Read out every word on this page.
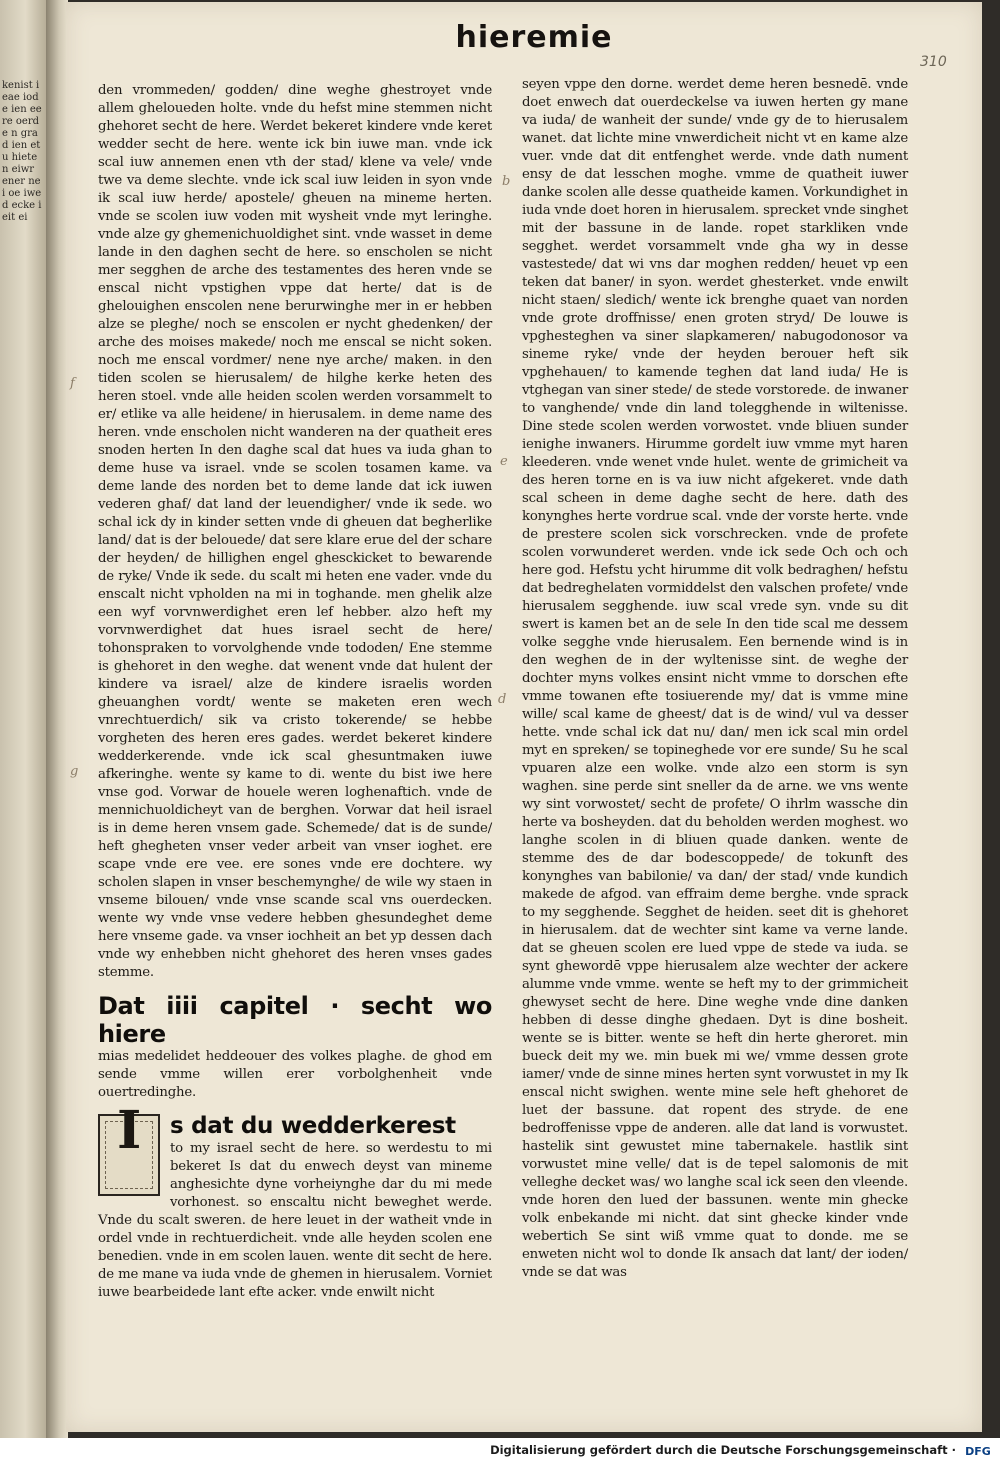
kenist ieae iode ien eere oerde n grad ien etu hieten eiwr ener nei oe iwe d ecke ieit ei
hieremie
310
b
f
e
d
g

den vrommeden/ godden/ dine weghe ghestroyet vnde allem gheloueden holte. vnde du hefst mine stemmen nicht ghehoret secht de here. Werdet bekeret kindere vnde keret wedder secht de here. wente ick bin iuwe man. vnde ick scal iuw annemen enen vth der stad/ klene va vele/ vnde twe va deme slechte. vnde ick scal iuw leiden in syon vnde ik scal iuw herde/ apostele/ gheuen na mineme herten. vnde se scolen iuw voden mit wysheit vnde myt leringhe. vnde alze gy ghemenichuoldighet sint. vnde wasset in deme lande in den daghen secht de here. so enscholen se nicht mer segghen de arche des testamentes des heren vnde se enscal nicht vpstighen vppe dat herte/ dat is de ghelouighen enscolen nene berurwinghe mer in er hebben alze se pleghe/ noch se enscolen er nycht ghedenken/ der arche des moises makede/ noch me enscal se nicht soken. noch me enscal vordmer/ nene nye arche/ maken. in den tiden scolen se hierusalem/ de hilghe kerke heten des heren stoel. vnde alle heiden scolen werden vorsammelt to er/ etlike va alle heidene/ in hierusalem. in deme name des heren. vnde enscholen nicht wanderen na der quatheit eres snoden herten In den daghe scal dat hues va iuda ghan to deme huse va israel. vnde se scolen tosamen kame. va deme lande des norden bet to deme lande dat ick iuwen vederen ghaf/ dat land der leuendigher/ vnde ik sede. wo schal ick dy in kinder setten vnde di gheuen dat begherlike land/ dat is der belouede/ dat sere klare erue del der schare der heyden/ de hillighen engel ghesckicket to bewarende de ryke/ Vnde ik sede. du scalt mi heten ene vader. vnde du enscalt nicht vpholden na mi in toghande. men ghelik alze een wyf vorvnwerdighet eren lef hebber. alzo heft my vorvnwerdighet dat hues israel secht de here/ tohonspraken to vorvolghende vnde tododen/ Ene stemme is ghehoret in den weghe. dat wenent vnde dat hulent der kindere va israel/ alze de kindere israelis worden gheuanghen vordt/ wente se maketen eren wech vnrechtuerdich/ sik va cristo tokerende/ se hebbe vorgheten des heren eres gades. werdet bekeret kindere wedderkerende. vnde ick scal ghesuntmaken iuwe afkeringhe. wente sy kame to di. wente du bist iwe here vnse god. Vorwar de houele weren loghenaftich. vnde de mennichuoldicheyt van de berghen. Vorwar dat heil israel is in deme heren vnsem gade. Schemede/ dat is de sunde/ heft ghegheten vnser veder arbeit van vnser ioghet. ere scape vnde ere vee. ere sones vnde ere dochtere. wy scholen slapen in vnser beschemynghe/ de wile wy staen in vnseme bilouen/ vnde vnse scande scal vns ouerdecken. wente wy vnde vnse vedere hebben ghesundeghet deme here vnseme gade. va vnser iochheit an bet yp dessen dach vnde wy enhebben nicht ghehoret des heren vnses gades stemme.

Dat iiii capitel · secht wo hiere

mias medelidet heddeouer des volkes plaghe. de ghod em sende vmme willen erer vorbolghenheit vnde ouertredinghe.

s dat du wedderkerest
I	to my israel secht de here. so werdestu to mi bekeret Is dat du enwech deyst van mineme anghesichte dyne vorheiynghe dar du mi mede vorhonest. so enscaltu nicht beweghet werde. Vnde du scalt sweren. de here leuet in der watheit vnde in ordel vnde in rechtuerdicheit. vnde alle heyden scolen ene benedien. vnde in em scolen lauen. wente dit secht de here. de me mane va iuda vnde de ghemen in hierusalem. Vorniet iuwe bearbeidede lant efte acker. vnde enwilt nicht

seyen vppe den dorne. werdet deme heren besnedē. vnde doet enwech dat ouerdeckelse va iuwen herten gy mane va iuda/ de wanheit der sunde/ vnde gy de to hierusalem wanet. dat lichte mine vnwerdicheit nicht vt en kame alze vuer. vnde dat dit entfenghet werde. vnde dath nument ensy de dat lesschen moghe. vmme de quatheit iuwer danke scolen alle desse quatheide kamen. Vorkundighet in iuda vnde doet horen in hierusalem. sprecket vnde singhet mit der bassune in de lande. ropet starkliken vnde segghet. werdet vorsammelt vnde gha wy in desse vastestede/ dat wi vns dar moghen redden/ heuet vp een teken dat baner/ in syon. werdet ghesterket. vnde enwilt nicht staen/ sledich/ wente ick brenghe quaet van norden vnde grote droffnisse/ enen groten stryd/ De louwe is vpghesteghen va siner slapkameren/ nabugodonosor va sineme ryke/ vnde der heyden berouer heft sik vpghehauen/ to kamende teghen dat land iuda/ He is vtghegan van siner stede/ de stede vorstorede. de inwaner to vanghende/ vnde din land tolegghende in wiltenisse. Dine stede scolen werden vorwostet. vnde bliuen sunder ienighe inwaners. Hirumme gordelt iuw vmme myt haren kleederen. vnde wenet vnde hulet. wente de grimicheit va des heren torne en is va iuw nicht afgekeret. vnde dath scal scheen in deme daghe secht de here. dath des konynghes herte vordrue scal. vnde der vorste herte. vnde de prestere scolen sick vorschrecken. vnde de profete scolen vorwunderet werden. vnde ick sede Och och och here god. Hefstu ycht hirumme dit volk bedraghen/ hefstu dat bedreghelaten vormiddelst den valschen profete/ vnde hierusalem segghende. iuw scal vrede syn. vnde su dit swert is kamen bet an de sele In den tide scal me dessem volke segghe vnde hierusalem. Een bernende wind is in den weghen de in der wyltenisse sint. de weghe der dochter myns volkes ensint nicht vmme to dorschen efte vmme towanen efte tosiuerende my/ dat is vmme mine wille/ scal kame de gheest/ dat is de wind/ vul va desser hette. vnde schal ick dat nu/ dan/ men ick scal min ordel myt en spreken/ se topineghede vor ere sunde/ Su he scal vpuaren alze een wolke. vnde alzo een storm is syn waghen. sine perde sint sneller da de arne. we vns wente wy sint vorwostet/ secht de profete/ O ihrlm wassche din herte va bosheyden. dat du beholden werden moghest. wo langhe scolen in di bliuen quade danken. wente de stemme des de dar bodescoppede/ de tokunft des konynghes van babilonie/ va dan/ der stad/ vnde kundich makede de afgod. van effraim deme berghe. vnde sprack to my segghende. Segghet de heiden. seet dit is ghehoret in hierusalem. dat de wechter sint kame va verne lande. dat se gheuen scolen ere lued vppe de stede va iuda. se synt ghewordē vppe hierusalem alze wechter der ackere alumme vnde vmme. wente se heft my to der grimmicheit ghewyset secht de here. Dine weghe vnde dine danken hebben di desse dinghe ghedaen. Dyt is dine bosheit. wente se is bitter. wente se heft din herte gheroret. min bueck deit my we. min buek mi we/ vmme dessen grote iamer/ vnde de sinne mines herten synt vorwustet in my Ik enscal nicht swighen. wente mine sele heft ghehoret de luet der bassune. dat ropent des stryde. de ene bedroffenisse vppe de anderen. alle dat land is vorwustet. hastelik sint gewustet mine tabernakele. hastlik sint vorwustet mine velle/ dat is de tepel salomonis de mit velleghe decket was/ wo langhe scal ick seen den vleende. vnde horen den lued der bassunen. wente min ghecke volk enbekande mi nicht. dat sint ghecke kinder vnde webertich Se sint wiß vmme quat to donde. me se enweten nicht wol to donde Ik ansach dat lant/ der ioden/ vnde se dat was

Digitalisierung gefördert durch die Deutsche Forschungsgemeinschaft · DFG
